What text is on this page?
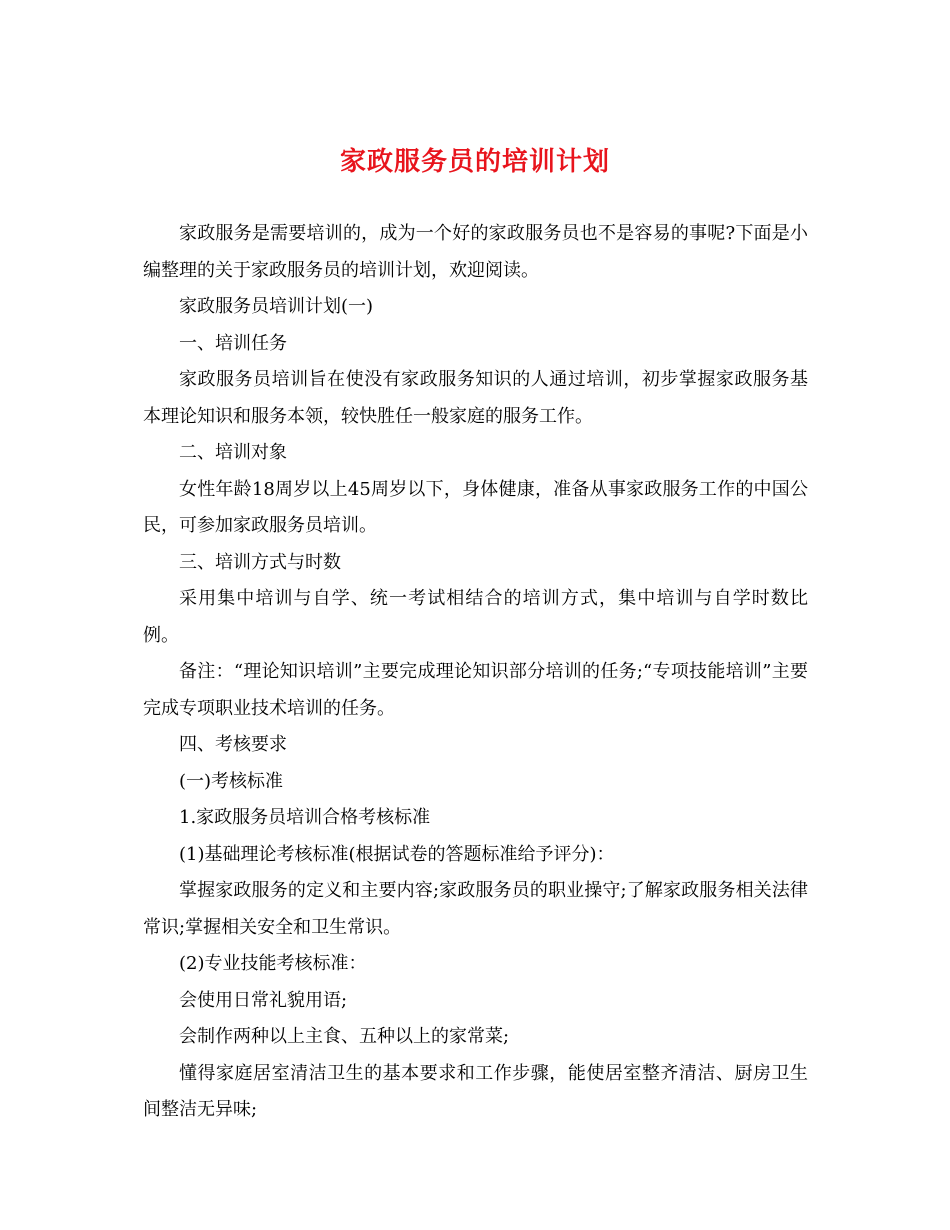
家政服务员的培训计划

家政服务是需要培训的，成为一个好的家政服务员也不是容易的事呢?下面是小编整理的关于家政服务员的培训计划，欢迎阅读。

家政服务员培训计划(一)

一、培训任务

家政服务员培训旨在使没有家政服务知识的人通过培训，初步掌握家政服务基本理论知识和服务本领，较快胜任一般家庭的服务工作。

二、培训对象

女性年龄18周岁以上45周岁以下，身体健康，准备从事家政服务工作的中国公民，可参加家政服务员培训。

三、培训方式与时数

采用集中培训与自学、统一考试相结合的培训方式，集中培训与自学时数比例。

备注：“理论知识培训”主要完成理论知识部分培训的任务;“专项技能培训”主要完成专项职业技术培训的任务。

四、考核要求

(一)考核标准

1.家政服务员培训合格考核标准

(1)基础理论考核标准(根据试卷的答题标准给予评分)：

掌握家政服务的定义和主要内容;家政服务员的职业操守;了解家政服务相关法律常识;掌握相关安全和卫生常识。

(2)专业技能考核标准：

会使用日常礼貌用语;

会制作两种以上主食、五种以上的家常菜;

懂得家庭居室清洁卫生的基本要求和工作步骤，能使居室整齐清洁、厨房卫生间整洁无异味;
